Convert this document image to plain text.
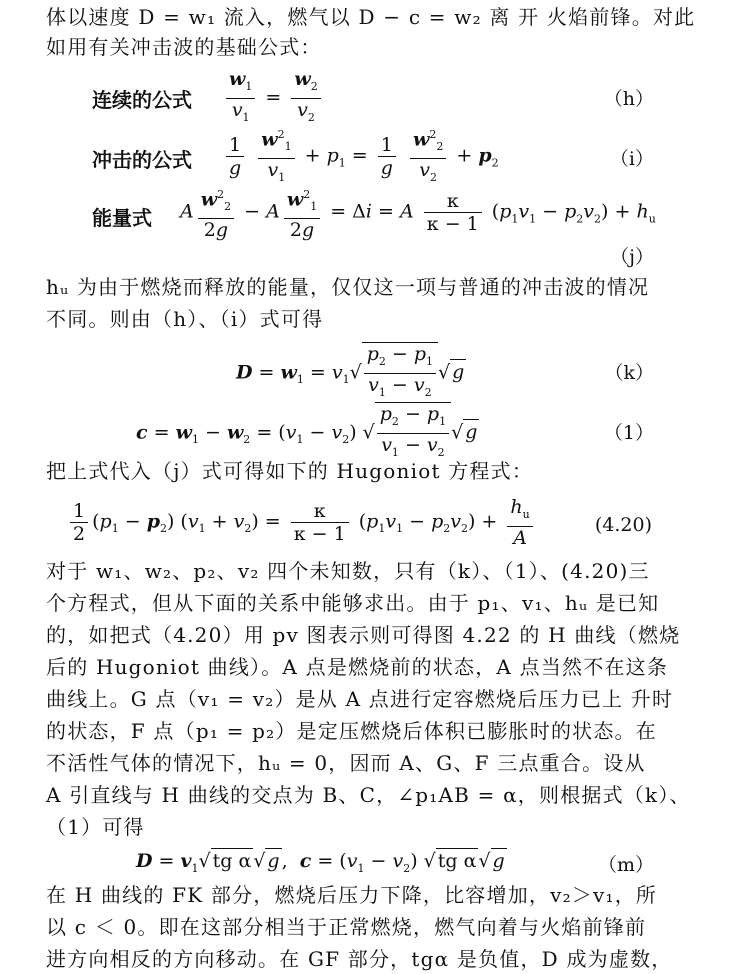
体以速度 D = w₁ 流入，燃气以 D − c = w₂ 离 开 火焰前锋。对此
如用有关冲击波的基础公式：
连续的公式 $\frac{w_1}{v_1} = \frac{w_2}{v_2}$	（h）
冲击的公式 $\frac{1}{g}$
$\frac{w^2_1}{v_1} + p_1 = \frac{1}{g}$
$\frac{w^2_2}{v_2} + p_2$	（i）
能量式 A $\frac{w^2_2}{2g} - A \frac{w^2_1}{2g} = \Delta i = A \frac{\kappa}{\kappa - 1} (p_1v_1 - p_2v_2) + h_u$
（j）
hᵤ 为由于燃烧而释放的能量，仅仅这一项与普通的冲击波的情况
不同。则由（h）、（i）式可得
$D = w_1 = v_1√ \frac{p_2 - p_1}{v_1 - v_2}$ √ g	（k）
$c = w_1 - w_2 = (v_1 - v_2)$ √ $\frac{p_2 - p_1}{v_1 - v_2}$ √ g	（1）
把上式代入（j）式可得如下的 Hugoniot 方程式：
$\frac{1}{2} (p_1 - p_2) (v_1 + v_2) = \frac{\kappa}{\kappa - 1} (p_1v_1 - p_2v_2) + \frac{h_u}{A}$	(4.20)
对于 w₁、w₂、p₂、v₂ 四个未知数，只有（k）、（1）、(4.20)三
个方程式，但从下面的关系中能够求出。由于 p₁、v₁、hᵤ 是已知
的，如把式（4.20）用 pv 图表示则可得图 4.22 的 H 曲线（燃烧
后的 Hugoniot 曲线）。A 点是燃烧前的状态，A 点当然不在这条
曲线上。G 点（v₁ = v₂）是从 A 点进行定容燃烧后压力已上 升时
的状态，F 点（p₁ = p₂）是定压燃烧后体积已膨胀时的状态。在
不活性气体的情况下，hᵤ = 0，因而 A、G、F 三点重合。设从
A 引直线与 H 曲线的交点为 B、C，∠p₁AB = α，则根据式（k）、
（1）可得
$D = v_1√$ tg α √ g ,  $c = (v_1 - v_2)$ √ tg α √ g	（m）
在 H 曲线的 FK 部分，燃烧后压力下降，比容增加，v₂＞v₁，所
以 c ＜ 0。即在这部分相当于正常燃烧，燃气向着与火焰前锋前
进方向相反的方向移动。在 GF 部分，tgα 是负值，D 成为虚数，
